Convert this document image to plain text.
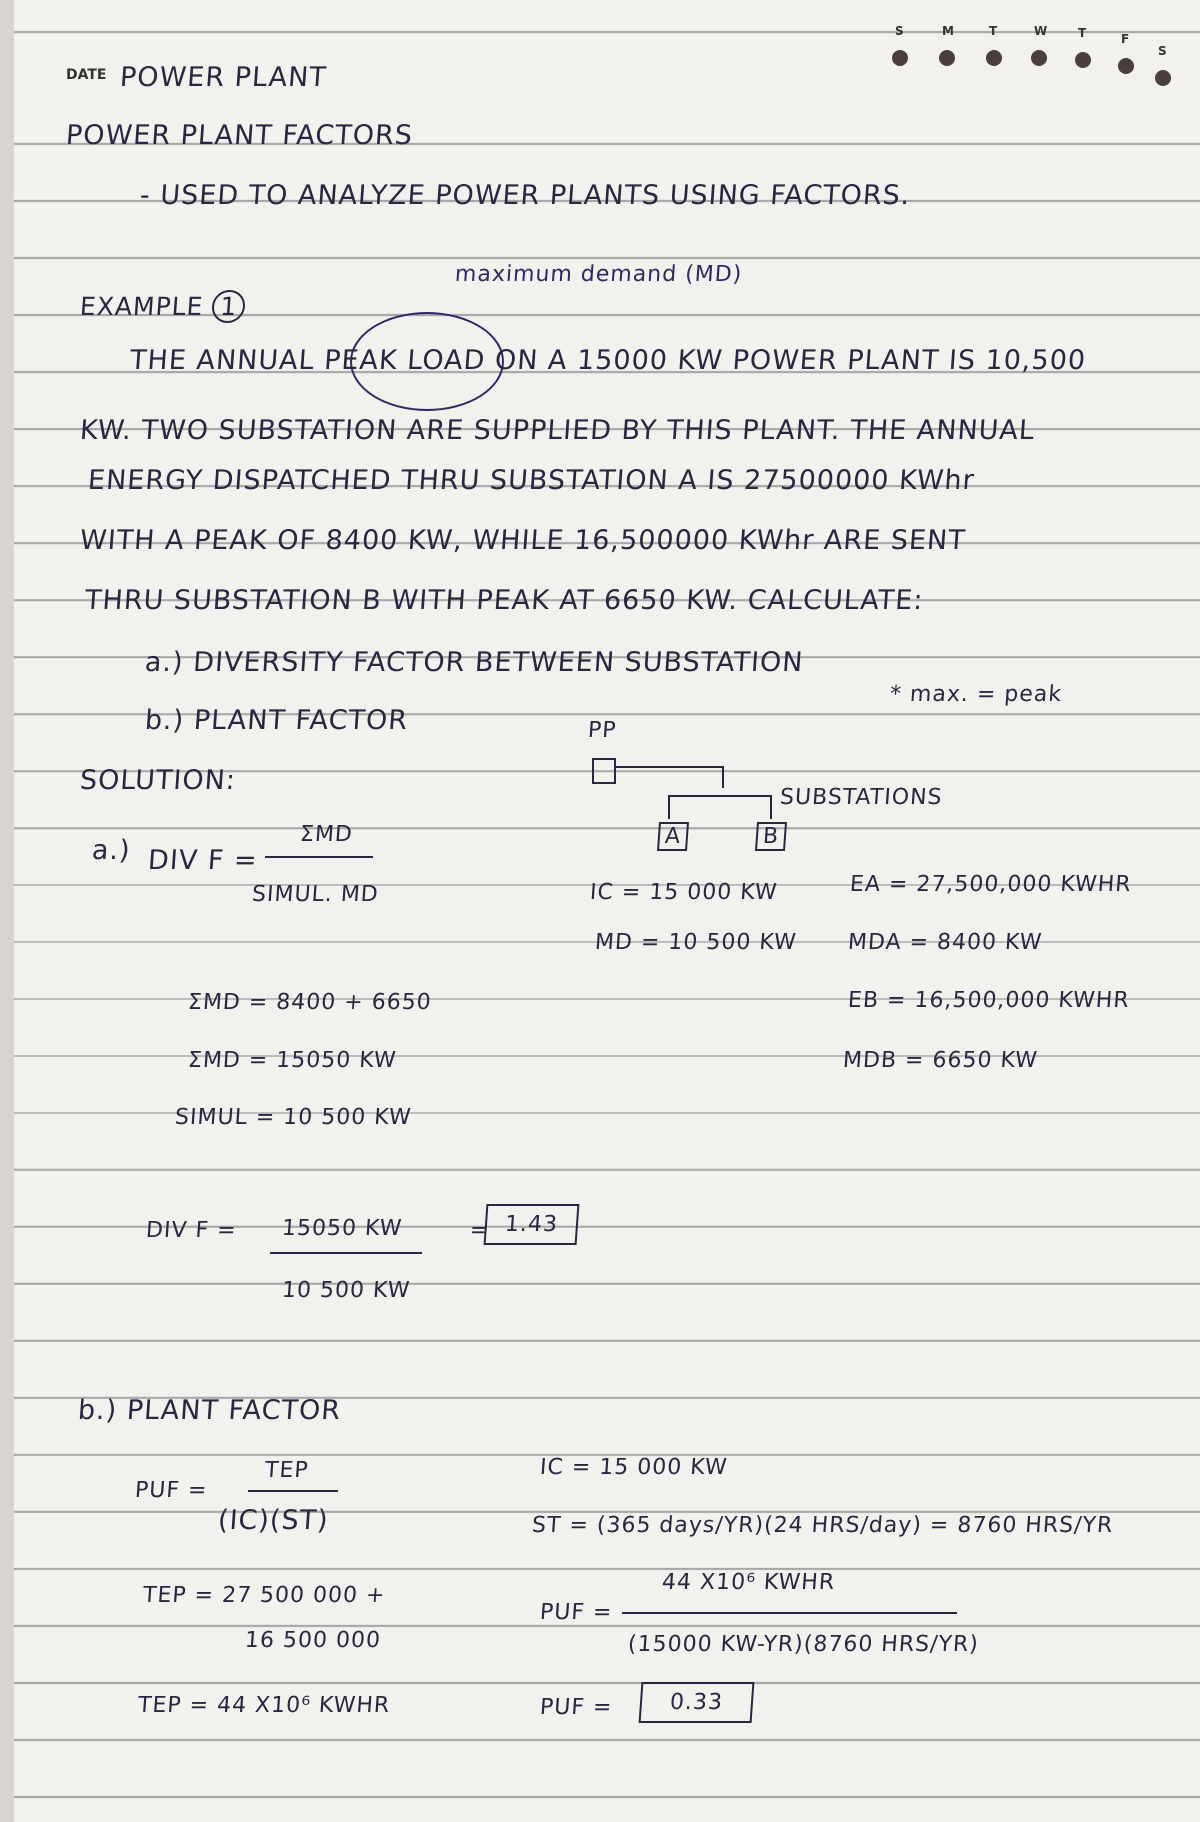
DATE POWER PLANT
S	M	T	W	T	F
S
POWER PLANT FACTORS
- USED TO ANALYZE POWER PLANTS USING FACTORS.
EXAMPLE 1
maximum demand (MD)
THE ANNUAL PEAK LOAD ON A 15000 KW POWER PLANT IS 10,500
KW. TWO SUBSTATION ARE SUPPLIED BY THIS PLANT. THE ANNUAL
ENERGY DISPATCHED THRU SUBSTATION A IS 27500000 KWhr
WITH A PEAK OF 8400 KW, WHILE 16,500000 KWhr ARE SENT
THRU SUBSTATION B WITH PEAK AT 6650 KW. CALCULATE:
a.) DIVERSITY FACTOR BETWEEN SUBSTATION
b.) PLANT FACTOR
* max. = peak
PP
A	B
SUBSTATIONS
SOLUTION:
a.) DIV F =
ΣMD
SIMUL. MD	IC = 15 000 KW
MD = 10 500 KW
EA = 27,500,000 KWHR
MDA = 8400 KW
EB = 16,500,000 KWHR
MDB = 6650 KW
ΣMD = 8400 + 6650
ΣMD = 15050 KW
SIMUL = 10 500 KW
DIV F = 15050 KW
10 500 KW
= 1.43
b.) PLANT FACTOR
PUF =
TEP
(IC)(ST)
IC = 15 000 KW
ST = (365 days/YR)(24 HRS/day) = 8760 HRS/YR
TEP = 27 500 000 +
16 500 000
TEP = 44 X10⁶ KWHR
PUF =
44 X10⁶ KWHR
(15000 KW-YR)(8760 HRS/YR)
PUF =	0.33
